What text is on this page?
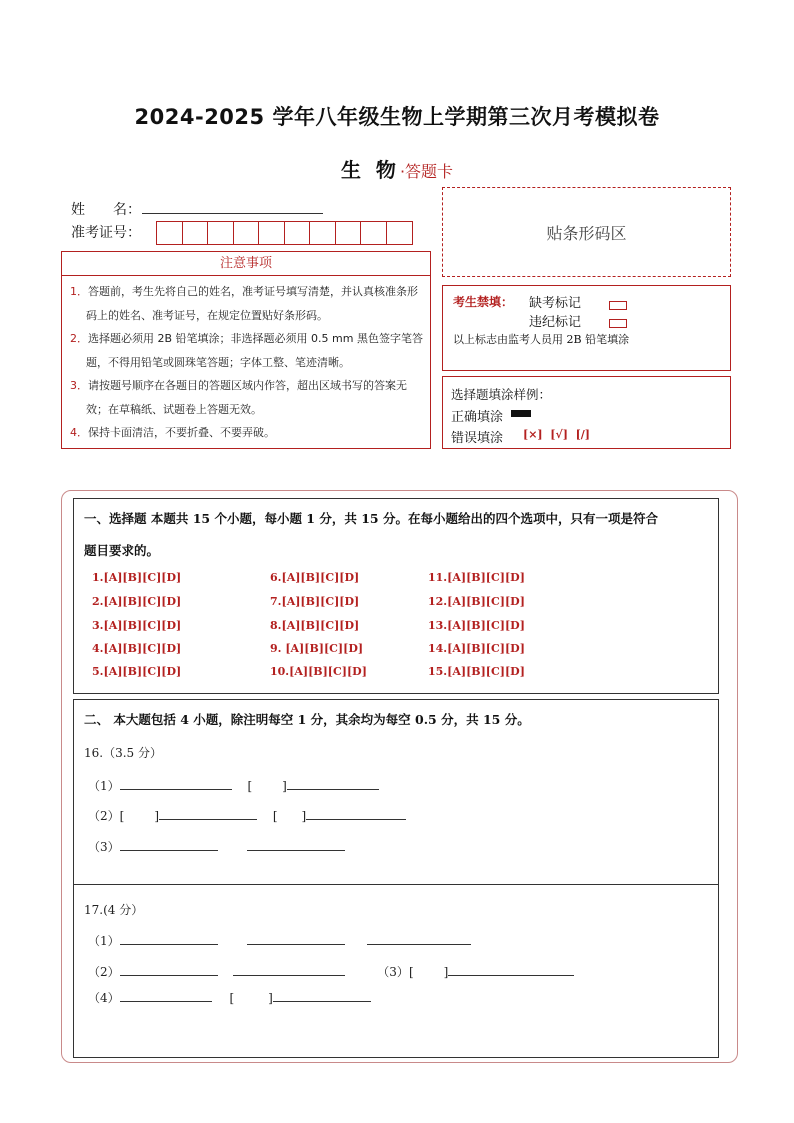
2024-2025 学年八年级生物上学期第三次月考模拟卷
生 物·答题卡
姓　　名：
准考证号：	贴条形码区
注意事项
1．答题前，考生先将自己的姓名，准考证号填写清楚，并认真核准条形码上的姓名、准考证号，在规定位置贴好条形码。
2．选择题必须用 2B 铅笔填涂；非选择题必须用 0.5 mm 黑色签字笔答题，不得用铅笔或圆珠笔答题；字体工整、笔迹清晰。
3．请按题号顺序在各题目的答题区域内作答，超出区域书写的答案无效；在草稿纸、试题卷上答题无效。
4．保持卡面清洁，不要折叠、不要弄破。
考生禁填： 缺考标记
违纪标记
以上标志由监考人员用 2B 铅笔填涂
选择题填涂样例：
正确填涂
错误填涂 [×]  [√]  [/]
一、选择题 本题共 15 个小题，每小题 1 分，共 15 分。在每小题给出的四个选项中，只有一项是符合
题目要求的。
1.[A][B][C][D]
2.[A][B][C][D]
3.[A][B][C][D]
4.[A][B][C][D]
5.[A][B][C][D]
6.[A][B][C][D]
7.[A][B][C][D]
8.[A][B][C][D]
9. [A][B][C][D]
10.[A][B][C][D]
11.[A][B][C][D]
12.[A][B][C][D]
13.[A][B][C][D]
14.[A][B][C][D]
15.[A][B][C][D]
二、 本大题包括 4 小题，除注明每空 1 分，其余均为每空 0.5 分，共 15 分。
16.（3.5 分）
（1）	[	]
（2）[	]	[ ]
（3）
17.(4 分）
（1）
（2）	（3）[	]
（4）	[	]
